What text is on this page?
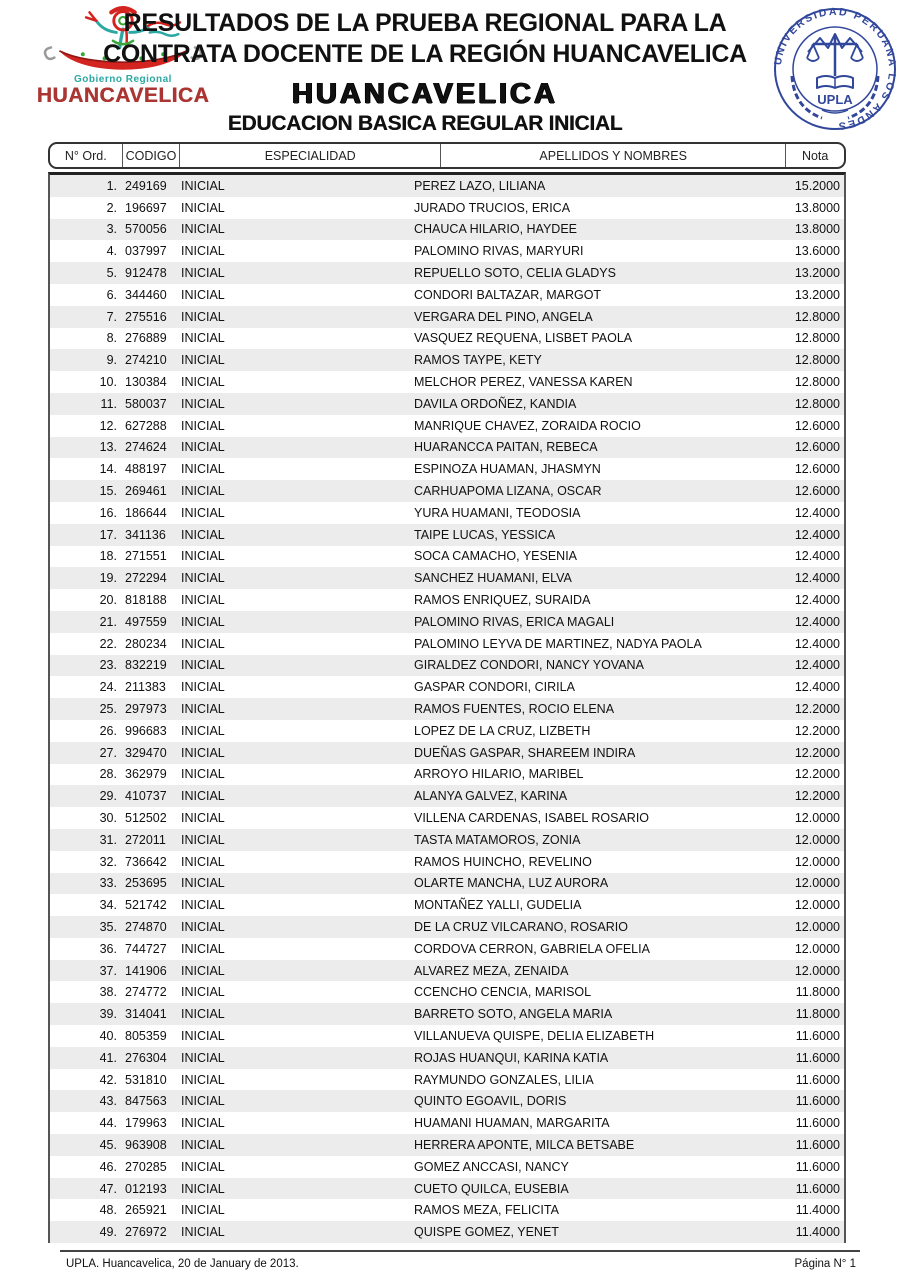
Gobierno Regional
HUANCAVELICA
UNIVERSIDAD PERUANA LOS ANDES
UPLA
RESULTADOS DE LA PRUEBA REGIONAL PARA LA
CONTRATA DOCENTE DE LA REGIÓN HUANCAVELICA
HUANCAVELICA
EDUCACION BASICA REGULAR INICIAL
N° Ord.	CODIGO	ESPECIALIDAD	APELLIDOS Y NOMBRES	Nota
1. 249169 INICIAL	PEREZ LAZO, LILIANA	15.2000
2. 196697 INICIAL	JURADO TRUCIOS, ERICA	13.8000
3. 570056 INICIAL	CHAUCA HILARIO, HAYDEE	13.8000
4. 037997 INICIAL	PALOMINO RIVAS, MARYURI	13.6000
5. 912478 INICIAL	REPUELLO SOTO, CELIA GLADYS	13.2000
6. 344460 INICIAL	CONDORI BALTAZAR, MARGOT	13.2000
7. 275516 INICIAL	VERGARA DEL PINO, ANGELA	12.8000
8. 276889 INICIAL	VASQUEZ REQUENA, LISBET PAOLA	12.8000
9. 274210 INICIAL	RAMOS TAYPE, KETY	12.8000
10. 130384 INICIAL	MELCHOR PEREZ, VANESSA KAREN	12.8000
11. 580037 INICIAL	DAVILA ORDOÑEZ, KANDIA	12.8000
12. 627288 INICIAL	MANRIQUE CHAVEZ, ZORAIDA ROCIO	12.6000
13. 274624 INICIAL	HUARANCCA PAITAN, REBECA	12.6000
14. 488197 INICIAL	ESPINOZA HUAMAN, JHASMYN	12.6000
15. 269461 INICIAL	CARHUAPOMA LIZANA, OSCAR	12.6000
16. 186644 INICIAL	YURA HUAMANI, TEODOSIA	12.4000
17. 341136 INICIAL	TAIPE LUCAS, YESSICA	12.4000
18. 271551 INICIAL	SOCA CAMACHO, YESENIA	12.4000
19. 272294 INICIAL	SANCHEZ HUAMANI, ELVA	12.4000
20. 818188 INICIAL	RAMOS ENRIQUEZ, SURAIDA	12.4000
21. 497559 INICIAL	PALOMINO RIVAS, ERICA MAGALI	12.4000
22. 280234 INICIAL	PALOMINO LEYVA DE MARTINEZ, NADYA PAOLA	12.4000
23. 832219 INICIAL	GIRALDEZ CONDORI, NANCY YOVANA	12.4000
24. 211383 INICIAL	GASPAR CONDORI, CIRILA	12.4000
25. 297973 INICIAL	RAMOS FUENTES, ROCIO ELENA	12.2000
26. 996683 INICIAL	LOPEZ DE LA CRUZ, LIZBETH	12.2000
27. 329470 INICIAL	DUEÑAS GASPAR, SHAREEM INDIRA	12.2000
28. 362979 INICIAL	ARROYO HILARIO, MARIBEL	12.2000
29. 410737 INICIAL	ALANYA GALVEZ, KARINA	12.2000
30. 512502 INICIAL	VILLENA CARDENAS, ISABEL ROSARIO	12.0000
31. 272011 INICIAL	TASTA MATAMOROS, ZONIA	12.0000
32. 736642 INICIAL	RAMOS HUINCHO, REVELINO	12.0000
33. 253695 INICIAL	OLARTE MANCHA, LUZ AURORA	12.0000
34. 521742 INICIAL	MONTAÑEZ YALLI, GUDELIA	12.0000
35. 274870 INICIAL	DE LA CRUZ VILCARANO, ROSARIO	12.0000
36. 744727 INICIAL	CORDOVA CERRON, GABRIELA OFELIA	12.0000
37. 141906 INICIAL	ALVAREZ MEZA, ZENAIDA	12.0000
38. 274772 INICIAL	CCENCHO CENCIA, MARISOL	11.8000
39. 314041 INICIAL	BARRETO SOTO, ANGELA MARIA	11.8000
40. 805359 INICIAL	VILLANUEVA QUISPE, DELIA ELIZABETH	11.6000
41. 276304 INICIAL	ROJAS HUANQUI, KARINA KATIA	11.6000
42. 531810 INICIAL	RAYMUNDO GONZALES, LILIA	11.6000
43. 847563 INICIAL	QUINTO EGOAVIL, DORIS	11.6000
44. 179963 INICIAL	HUAMANI HUAMAN, MARGARITA	11.6000
45. 963908 INICIAL	HERRERA APONTE, MILCA BETSABE	11.6000
46. 270285 INICIAL	GOMEZ ANCCASI, NANCY	11.6000
47. 012193 INICIAL	CUETO QUILCA, EUSEBIA	11.6000
48. 265921 INICIAL	RAMOS MEZA, FELICITA	11.4000
49. 276972 INICIAL	QUISPE GOMEZ, YENET	11.4000
UPLA. Huancavelica, 20 de January de 2013.	Página N° 1
